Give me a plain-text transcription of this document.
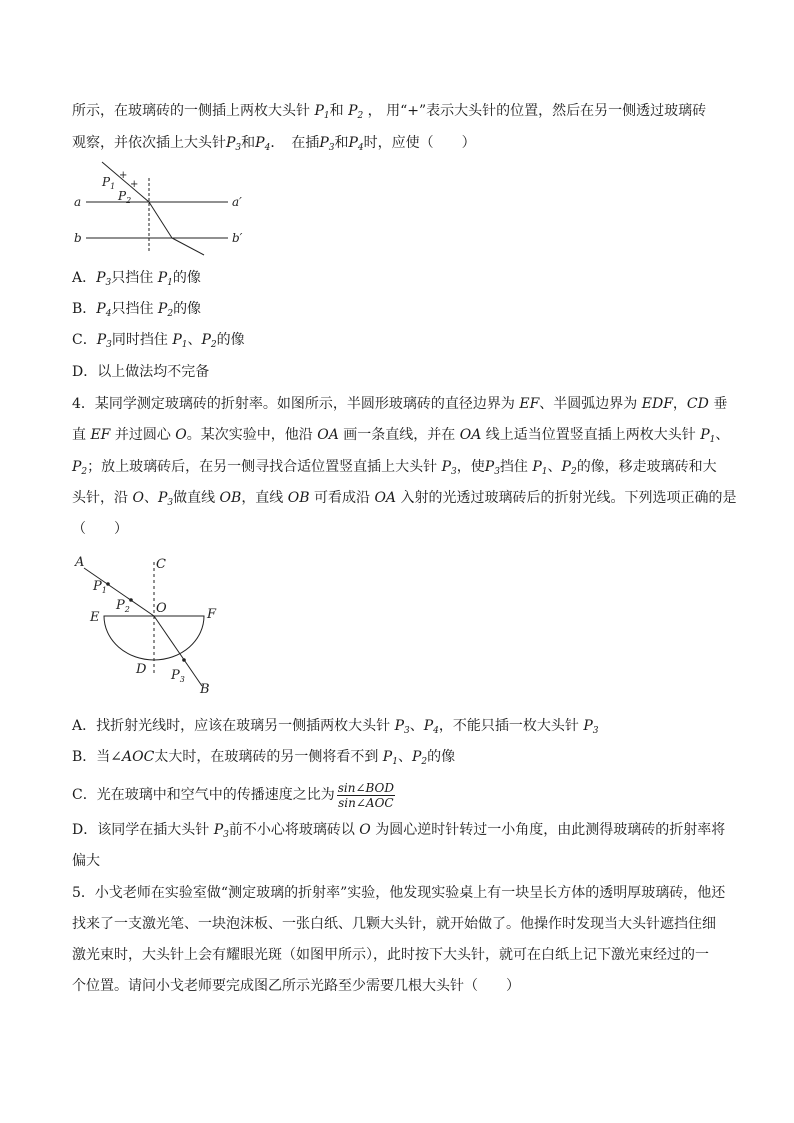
所示，在玻璃砖的一侧插上两枚大头针 $P_1$和 $P_2$ ， 用“+”表示大头针的位置，然后在另一侧透过玻璃砖
观察，并依次插上大头针$P_3$和$P_4$．　 在插$P_3$和$P_4$时，应使（　　）
+
+
$P_1$
$P_2$
a	a′
b	b′
A．$P_3$只挡住 $P_1$的像
B．$P_4$只挡住 $P_2$的像
C．$P_3$同时挡住 $P_1$、$P_2$的像
D．以上做法均不完备
4．某同学测定玻璃砖的折射率。如图所示，半圆形玻璃砖的直径边界为 EF、半圆弧边界为 EDF，CD 垂
直 EF 并过圆心 O。某次实验中，他沿 OA 画一条直线，并在 OA 线上适当位置竖直插上两枚大头针 $P_1$、
$P_2$；放上玻璃砖后，在另一侧寻找合适位置竖直插上大头针 $P_3$，使$P_3$挡住 $P_1$、$P_2$的像，移走玻璃砖和大
头针，沿 O、$P_3$做直线 OB，直线 OB 可看成沿 OA 入射的光透过玻璃砖后的折射光线。下列选项正确的是
（　　）
A	C
$P_1$
$P_2$ O
E	F
D $P_3$
B
A．找折射光线时，应该在玻璃另一侧插两枚大头针 $P_3$、$P_4$，不能只插一枚大头针 $P_3$
B．当∠AOC太大时，在玻璃砖的另一侧将看不到 $P_1$、$P_2$的像
C．光在玻璃中和空气中的传播速度之比为 $\frac{\text{sin∠BOD}}{\text{sin∠AOC}}$
D．该同学在插大头针 $P_3$前不小心将玻璃砖以 O 为圆心逆时针转过一小角度，由此测得玻璃砖的折射率将
偏大
5．小戈老师在实验室做“测定玻璃的折射率”实验，他发现实验桌上有一块呈长方体的透明厚玻璃砖，他还
找来了一支激光笔、一块泡沫板、一张白纸、几颗大头针，就开始做了。他操作时发现当大头针遮挡住细
激光束时，大头针上会有耀眼光斑（如图甲所示），此时按下大头针，就可在白纸上记下激光束经过的一
个位置。请问小戈老师要完成图乙所示光路至少需要几根大头针（　　）
